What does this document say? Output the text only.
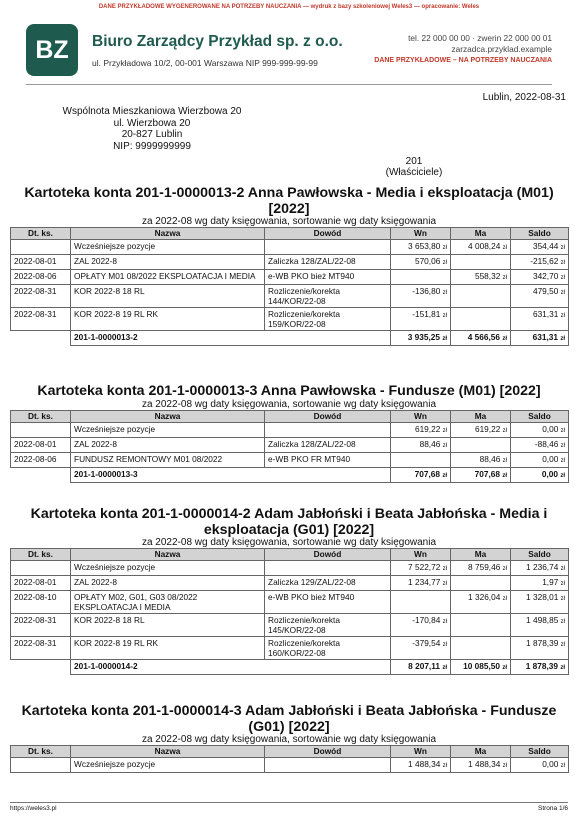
DANE PRZYKŁADOWE WYGENEROWANE NA POTRZEBY NAUCZANIA — wydruk z bazy szkoleniowej Weles3 — opracowanie: Weles
BZ	Biuro Zarządcy Przykład sp. z o.o.
ul. Przykładowa 10/2, 00-001 Warszawa NIP 999-999-99-99
tel. 22 000 00 00 · zwerin 22 000 00 01
zarzadca.przyklad.example
DANE PRZYKŁADOWE – NA POTRZEBY NAUCZANIA
Lublin, 2022-08-31
Wspólnota Mieszkaniowa Wierzbowa 20
ul. Wierzbowa 20
20-827 Lublin
NIP: 9999999999
201
(Właściciele)
Kartoteka konta 201-1-0000013-2 Anna Pawłowska - Media i eksploatacja (M01) [2022]
za 2022-08 wg daty księgowania, sortowanie wg daty księgowania
Dt. ks.	Nazwa	Dowód	Wn	Ma	Saldo
	Wcześniejsze pozycje		3 653,80 zł	4 008,24 zł	354,44 zł
2022-08-01	ZAL 2022-8	Zaliczka 128/ZAL/22-08	570,06 zł		-215,62 zł
2022-08-06	OPŁATY M01 08/2022 EKSPLOATACJA I MEDIA	e-WB PKO bież MT940		558,32 zł	342,70 zł
2022-08-31	KOR 2022-8 18 RL	Rozliczenie/korekta 144/KOR/22-08	-136,80 zł		479,50 zł
2022-08-31	KOR 2022-8 19 RL RK	Rozliczenie/korekta 159/KOR/22-08	-151,81 zł		631,31 zł
	201-1-0000013-2		3 935,25 zł	4 566,56 zł	631,31 zł
Kartoteka konta 201-1-0000013-3 Anna Pawłowska - Fundusze (M01) [2022]
za 2022-08 wg daty księgowania, sortowanie wg daty księgowania
Dt. ks.	Nazwa	Dowód	Wn	Ma	Saldo
	Wcześniejsze pozycje		619,22 zł	619,22 zł	0,00 zł
2022-08-01	ZAL 2022-8	Zaliczka 128/ZAL/22-08	88,46 zł		-88,46 zł
2022-08-06	FUNDUSZ REMONTOWY M01 08/2022	e-WB PKO FR MT940		88,46 zł	0,00 zł
	201-1-0000013-3		707,68 zł	707,68 zł	0,00 zł
Kartoteka konta 201-1-0000014-2 Adam Jabłoński i Beata Jabłońska - Media i eksploatacja (G01) [2022]
za 2022-08 wg daty księgowania, sortowanie wg daty księgowania
Dt. ks.	Nazwa	Dowód	Wn	Ma	Saldo
	Wcześniejsze pozycje		7 522,72 zł	8 759,46 zł	1 236,74 zł
2022-08-01	ZAL 2022-8	Zaliczka 129/ZAL/22-08	1 234,77 zł		1,97 zł
2022-08-10	OPŁATY M02, G01, G03 08/2022 EKSPLOATACJA I MEDIA	e-WB PKO bież MT940		1 326,04 zł	1 328,01 zł
2022-08-31	KOR 2022-8 18 RL	Rozliczenie/korekta 145/KOR/22-08	-170,84 zł		1 498,85 zł
2022-08-31	KOR 2022-8 19 RL RK	Rozliczenie/korekta 160/KOR/22-08	-379,54 zł		1 878,39 zł
	201-1-0000014-2		8 207,11 zł	10 085,50 zł	1 878,39 zł
Kartoteka konta 201-1-0000014-3 Adam Jabłoński i Beata Jabłońska - Fundusze (G01) [2022]
za 2022-08 wg daty księgowania, sortowanie wg daty księgowania
Dt. ks.	Nazwa	Dowód	Wn	Ma	Saldo
	Wcześniejsze pozycje		1 488,34 zł	1 488,34 zł	0,00 zł
https://weles3.pl	Strona 1/6
